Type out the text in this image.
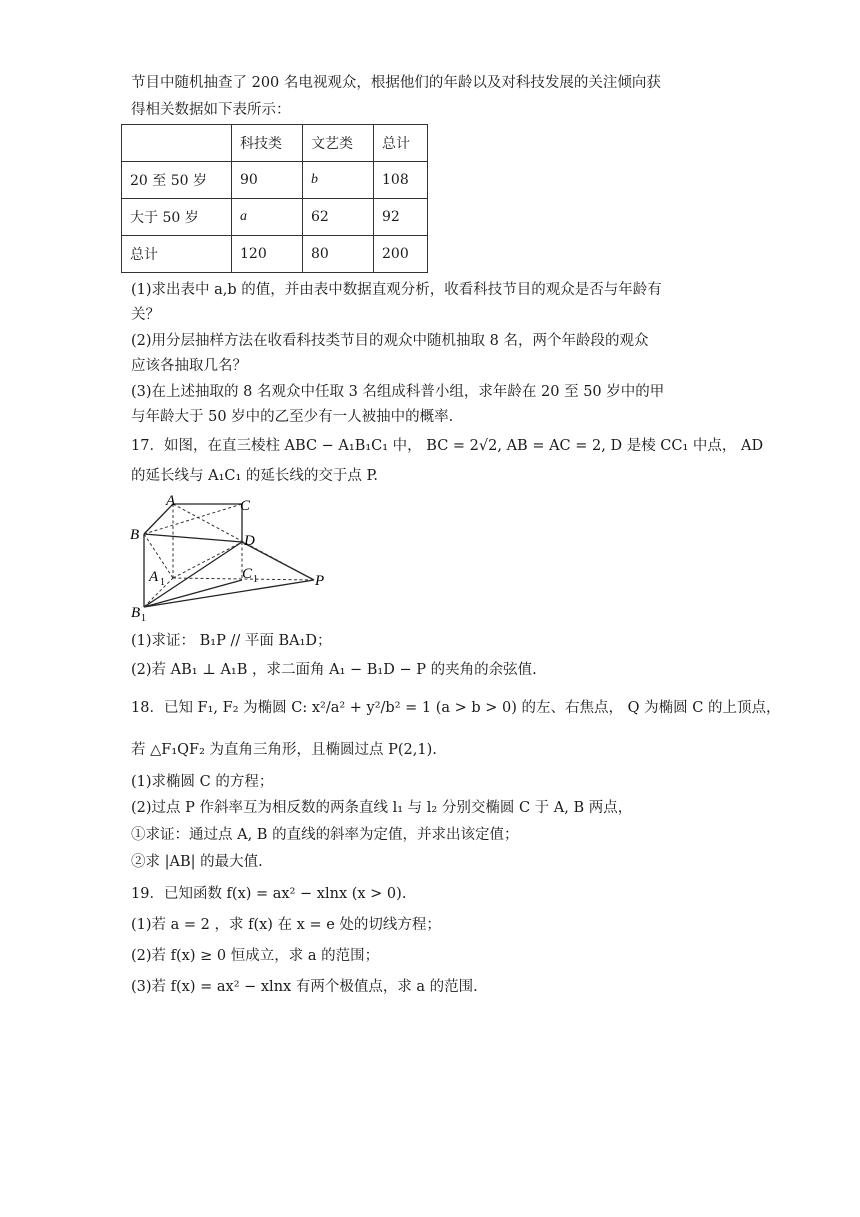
节目中随机抽查了 200 名电视观众，根据他们的年龄以及对科技发展的关注倾向获
得相关数据如下表所示：
	科技类	文艺类	总计
20 至 50 岁	90	b	108
大于 50 岁	a	62	92
总计	120	80	200
(1)求出表中 a,b 的值，并由表中数据直观分析，收看科技节目的观众是否与年龄有
关？
(2)用分层抽样方法在收看科技类节目的观众中随机抽取 8 名，两个年龄段的观众
应该各抽取几名？
(3)在上述抽取的 8 名观众中任取 3 名组成科普小组，求年龄在 20 至 50 岁中的甲
与年龄大于 50 岁中的乙至少有一人被抽中的概率.
17．如图，在直三棱柱 ABC − A₁B₁C₁ 中， BC = 2√2, AB = AC = 2, D 是棱 CC₁ 中点， AD
的延长线与 A₁C₁ 的延长线的交于点 P.
A	C
B	D
A 1
C 1	P
B 1
(1)求证： B₁P // 平面 BA₁D；
(2)若 AB₁ ⊥ A₁B ，求二面角 A₁ − B₁D − P 的夹角的余弦值.
18．已知 F₁, F₂ 为椭圆 C: x²/a² + y²/b² = 1 (a > b > 0) 的左、右焦点， Q 为椭圆 C 的上顶点，
若 △F₁QF₂ 为直角三角形，且椭圆过点 P(2,1).
(1)求椭圆 C 的方程；
(2)过点 P 作斜率互为相反数的两条直线 l₁ 与 l₂ 分别交椭圆 C 于 A, B 两点，
①求证：通过点 A, B 的直线的斜率为定值，并求出该定值；
②求 |AB| 的最大值.
19．已知函数 f(x) = ax² − xlnx (x > 0).
(1)若 a = 2 ，求 f(x) 在 x = e 处的切线方程；
(2)若 f(x) ≥ 0 恒成立，求 a 的范围；
(3)若 f(x) = ax² − xlnx 有两个极值点，求 a 的范围.
